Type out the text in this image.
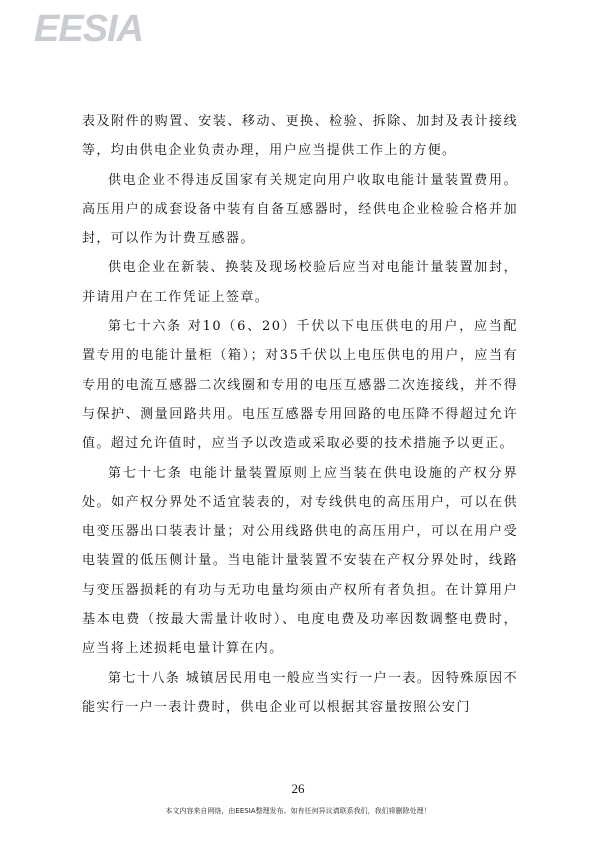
EESIA

表及附件的购置、安装、移动、更换、检验、拆除、加封及表计接线等，均由供电企业负责办理，用户应当提供工作上的方便。

供电企业不得违反国家有关规定向用户收取电能计量装置费用。高压用户的成套设备中装有自备互感器时，经供电企业检验合格并加封，可以作为计费互感器。

供电企业在新装、换装及现场校验后应当对电能计量装置加封，并请用户在工作凭证上签章。

第七十六条 对10（6、20）千伏以下电压供电的用户，应当配置专用的电能计量柜（箱）；对35千伏以上电压供电的用户，应当有专用的电流互感器二次线圈和专用的电压互感器二次连接线，并不得与保护、测量回路共用。电压互感器专用回路的电压降不得超过允许值。超过允许值时，应当予以改造或采取必要的技术措施予以更正。

第七十七条 电能计量装置原则上应当装在供电设施的产权分界处。如产权分界处不适宜装表的，对专线供电的高压用户，可以在供电变压器出口装表计量；对公用线路供电的高压用户，可以在用户受电装置的低压侧计量。当电能计量装置不安装在产权分界处时，线路与变压器损耗的有功与无功电量均须由产权所有者负担。在计算用户基本电费（按最大需量计收时）、电度电费及功率因数调整电费时，应当将上述损耗电量计算在内。

第七十八条 城镇居民用电一般应当实行一户一表。因特殊原因不能实行一户一表计费时，供电企业可以根据其容量按照公安门

26
本文内容来自网络，由EESIA整理发布。如有任何异议请联系我们，我们将删除处理！
